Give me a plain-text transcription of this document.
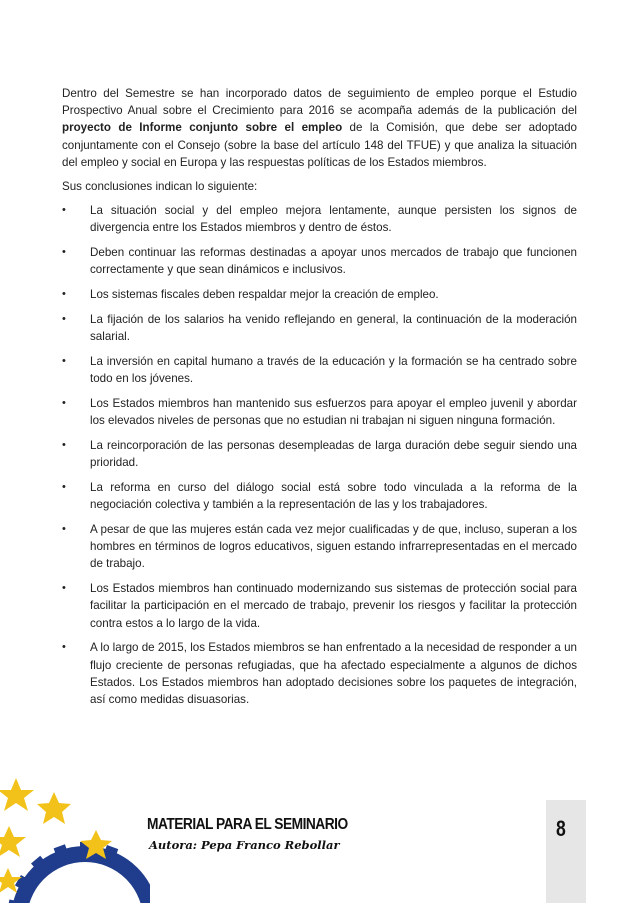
Dentro del Semestre se han incorporado datos de seguimiento de empleo porque el Estudio Prospectivo Anual sobre el Crecimiento para 2016 se acompaña además de la publicación del proyecto de Informe conjunto sobre el empleo de la Comisión, que debe ser adoptado conjuntamente con el Consejo (sobre la base del artículo 148 del TFUE) y que analiza la situación del empleo y social en Europa y las respuestas políticas de los Estados miembros.

Sus conclusiones indican lo siguiente:

• La situación social y del empleo mejora lentamente, aunque persisten los signos de divergencia entre los Estados miembros y dentro de éstos.
• Deben continuar las reformas destinadas a apoyar unos mercados de trabajo que funcionen correctamente y que sean dinámicos e inclusivos.
• Los sistemas fiscales deben respaldar mejor la creación de empleo.
• La fijación de los salarios ha venido reflejando en general, la continuación de la moderación salarial.
• La inversión en capital humano a través de la educación y la formación se ha centrado sobre todo en los jóvenes.
• Los Estados miembros han mantenido sus esfuerzos para apoyar el empleo juvenil y abordar los elevados niveles de personas que no estudian ni trabajan ni siguen ninguna formación.
• La reincorporación de las personas desempleadas de larga duración debe seguir siendo una prioridad.
• La reforma en curso del diálogo social está sobre todo vinculada a la reforma de la negociación colectiva y también a la representación de las y los trabajadores.
• A pesar de que las mujeres están cada vez mejor cualificadas y de que, incluso, superan a los hombres en términos de logros educativos, siguen estando infrarrepresentadas en el mercado de trabajo.
• Los Estados miembros han continuado modernizando sus sistemas de protección social para facilitar la participación en el mercado de trabajo, prevenir los riesgos y facilitar la protección contra estos a lo largo de la vida.
• A lo largo de 2015, los Estados miembros se han enfrentado a la necesidad de responder a un flujo creciente de personas refugiadas, que ha afectado especialmente a algunos de dichos Estados. Los Estados miembros han adoptado decisiones sobre los paquetes de integración, así como medidas disuasorias.
MATERIAL PARA EL SEMINARIO
Autora: Pepa Franco Rebollar
8
